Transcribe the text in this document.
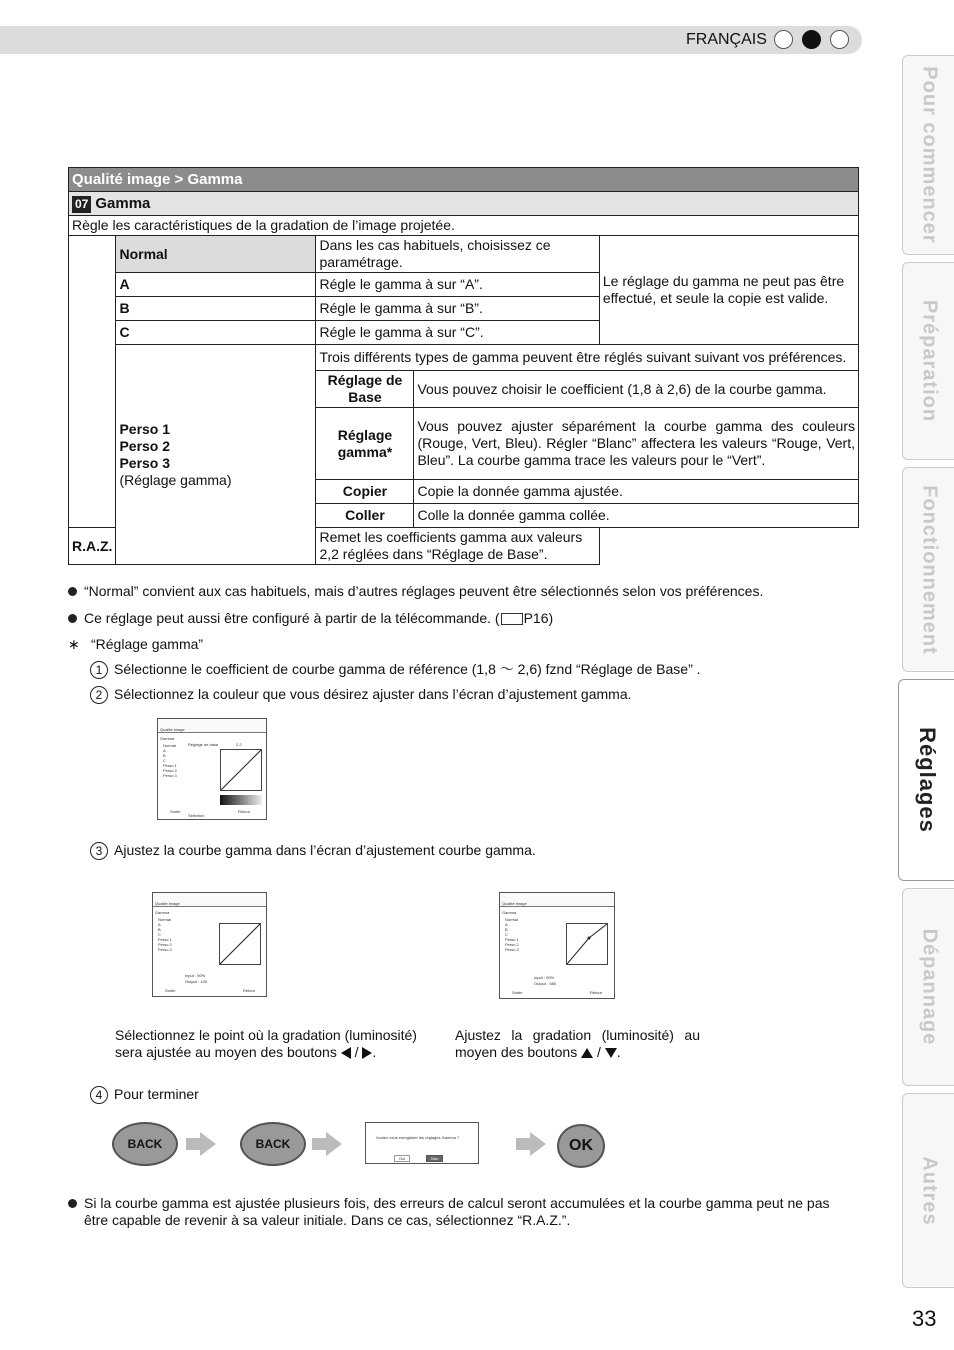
FRANÇAIS
Pour commencer
Préparation
Fonctionnement
Réglages
Dépannage
Autres
33
Qualité image > Gamma				
07 Gamma				
Règle les caractéristiques de la gradation de l’image projetée.				
	Normal	Dans les cas habituels, choisissez ce paramétrage.		Le réglage du gamma ne peut pas être effectué, et seule la copie est valide.
	A	Régle le gamma à sur “A”.		
	B	Régle le gamma à sur “B”.		
	C	Régle le gamma à sur “C”.		

	Perso 1
Perso 2
Perso 3
(Réglage gamma)	Trois différents types de gamma peuvent être réglés suivant suivant vos préférences.		
		Réglage de Base	Vous pouvez choisir le coefficient (1,8 à 2,6) de la courbe gamma.	
		Réglage gamma*	Vous pouvez ajuster séparément la courbe gamma des couleurs (Rouge, Vert, Bleu). Régler “Blanc” affectera les valeurs “Rouge, Vert, Bleu”. La courbe gamma trace les valeurs pour le “Vert”.	
		Copier	Copie la donnée gamma ajustée.	
		Coller	Colle la donnée gamma collée.	
R.A.Z.		Remet les coefficients gamma aux valeurs 2,2 réglées dans “Réglage de Base”.		
“Normal” convient aux cas habituels, mais d’autres réglages peuvent être sélectionnés selon vos préférences.
Ce réglage peut aussi être configuré à partir de la télécommande. ( P16)
∗ “Réglage gamma”
1 Sélectionne le coefficient de courbe gamma de référence (1,8 ～ 2,6) fznd “Réglage de Base” .
2 Sélectionnez la couleur que vous désirez ajuster dans l’écran d’ajustement gamma.
Qualité image
Gamma
Normal
A
B
C
Perso 1
Perso 2
Perso 3
Réglage de base	2.2
Sortie
Sélection
Retour
3 Ajustez la courbe gamma dans l’écran d’ajustement courbe gamma.
Qualité image
Gamma
Normal
A
B
C
Perso 1
Perso 2
Perso 3
Input : 50%
Output : 100
Sortie	Retour
Qualité image
Gamma
Normal
A
B
C
Perso 1
Perso 2
Perso 3
Input : 50%
Output : 580
Sortie	Retour
Sélectionnez le point où la gradation (luminosité) sera ajustée au moyen des boutons  / .
Ajustez la gradation (luminosité) au moyen des boutons  / .
4 Pour terminer
BACK	BACK	Voulez vous enregistrer les réglages Gamma ?
Oui	Non
OK
Si la courbe gamma est ajustée plusieurs fois, des erreurs de calcul seront accumulées et la courbe gamma peut ne pas être capable de revenir à sa valeur initiale. Dans ce cas, sélectionnez “R.A.Z.”.
